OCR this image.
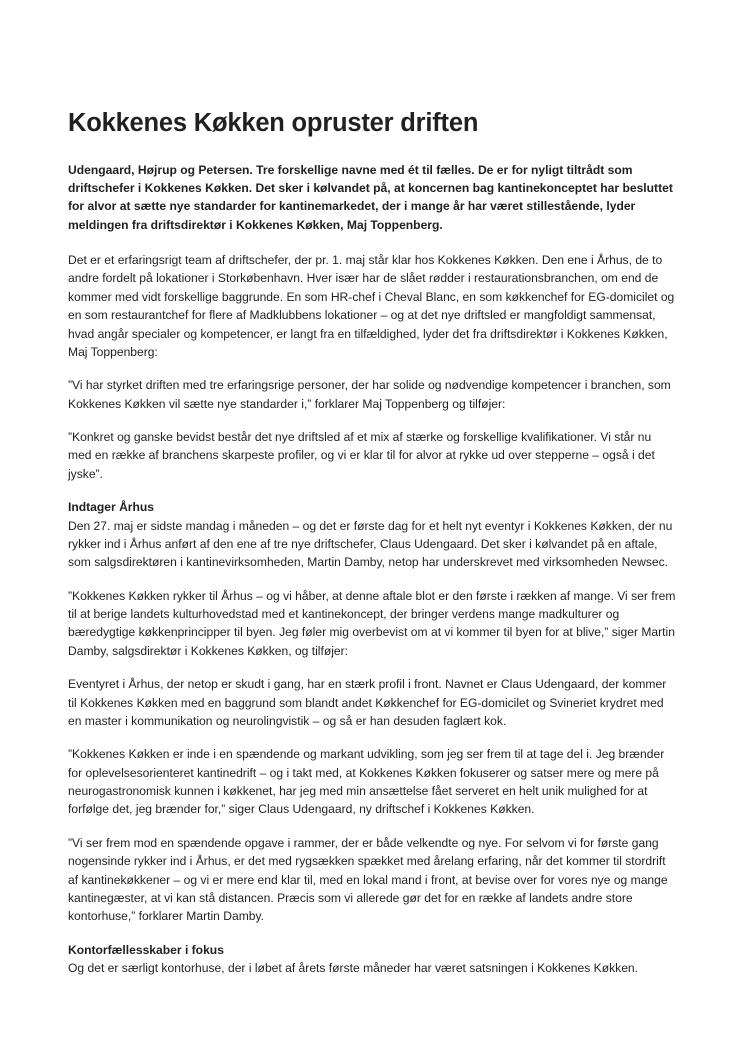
Kokkenes Køkken opruster driften

Udengaard, Højrup og Petersen. Tre forskellige navne med ét til fælles. De er for nyligt tiltrådt som driftschefer i Kokkenes Køkken. Det sker i kølvandet på, at koncernen bag kantinekonceptet har besluttet for alvor at sætte nye standarder for kantinemarkedet, der i mange år har været stillestående, lyder meldingen fra driftsdirektør i Kokkenes Køkken, Maj Toppenberg.

Det er et erfaringsrigt team af driftschefer, der pr. 1. maj står klar hos Kokkenes Køkken. Den ene i Århus, de to andre fordelt på lokationer i Storkøbenhavn. Hver især har de slået rødder i restaurationsbranchen, om end de kommer med vidt forskellige baggrunde. En som HR-chef i Cheval Blanc, en som køkkenchef for EG-domicilet og en som restaurantchef for flere af Madklubbens lokationer – og at det nye driftsled er mangfoldigt sammensat, hvad angår specialer og kompetencer, er langt fra en tilfældighed, lyder det fra driftsdirektør i Kokkenes Køkken, Maj Toppenberg:

”Vi har styrket driften med tre erfaringsrige personer, der har solide og nødvendige kompetencer i branchen, som Kokkenes Køkken vil sætte nye standarder i,” forklarer Maj Toppenberg og tilføjer:

”Konkret og ganske bevidst består det nye driftsled af et mix af stærke og forskellige kvalifikationer. Vi står nu med en række af branchens skarpeste profiler, og vi er klar til for alvor at rykke ud over stepperne – også i det jyske”.

Indtager Århus

Den 27. maj er sidste mandag i måneden – og det er første dag for et helt nyt eventyr i Kokkenes Køkken, der nu rykker ind i Århus anført af den ene af tre nye driftschefer, Claus Udengaard. Det sker i kølvandet på en aftale, som salgsdirektøren i kantinevirksomheden, Martin Damby, netop har underskrevet med virksomheden Newsec.

”Kokkenes Køkken rykker til Århus – og vi håber, at denne aftale blot er den første i rækken af mange. Vi ser frem til at berige landets kulturhovedstad med et kantinekoncept, der bringer verdens mange madkulturer og bæredygtige køkkenprincipper til byen. Jeg føler mig overbevist om at vi kommer til byen for at blive,” siger Martin Damby, salgsdirektør i Kokkenes Køkken, og tilføjer:

Eventyret i Århus, der netop er skudt i gang, har en stærk profil i front. Navnet er Claus Udengaard, der kommer til Kokkenes Køkken med en baggrund som blandt andet Køkkenchef for EG-domicilet og Svineriet krydret med en master i kommunikation og neurolingvistik – og så er han desuden faglært kok.

”Kokkenes Køkken er inde i en spændende og markant udvikling, som jeg ser frem til at tage del i. Jeg brænder for oplevelsesorienteret kantinedrift – og i takt med, at Kokkenes Køkken fokuserer og satser mere og mere på neurogastronomisk kunnen i køkkenet, har jeg med min ansættelse fået serveret en helt unik mulighed for at forfølge det, jeg brænder for,” siger Claus Udengaard, ny driftschef i Kokkenes Køkken.

”Vi ser frem mod en spændende opgave i rammer, der er både velkendte og nye. For selvom vi for første gang nogensinde rykker ind i Århus, er det med rygsækken spækket med årelang erfaring, når det kommer til stordrift af kantinekøkkener – og vi er mere end klar til, med en lokal mand i front, at bevise over for vores nye og mange kantinegæster, at vi kan stå distancen. Præcis som vi allerede gør det for en række af landets andre store kontorhuse,” forklarer Martin Damby.

Kontorfællesskaber i fokus

Og det er særligt kontorhuse, der i løbet af årets første måneder har været satsningen i Kokkenes Køkken.
